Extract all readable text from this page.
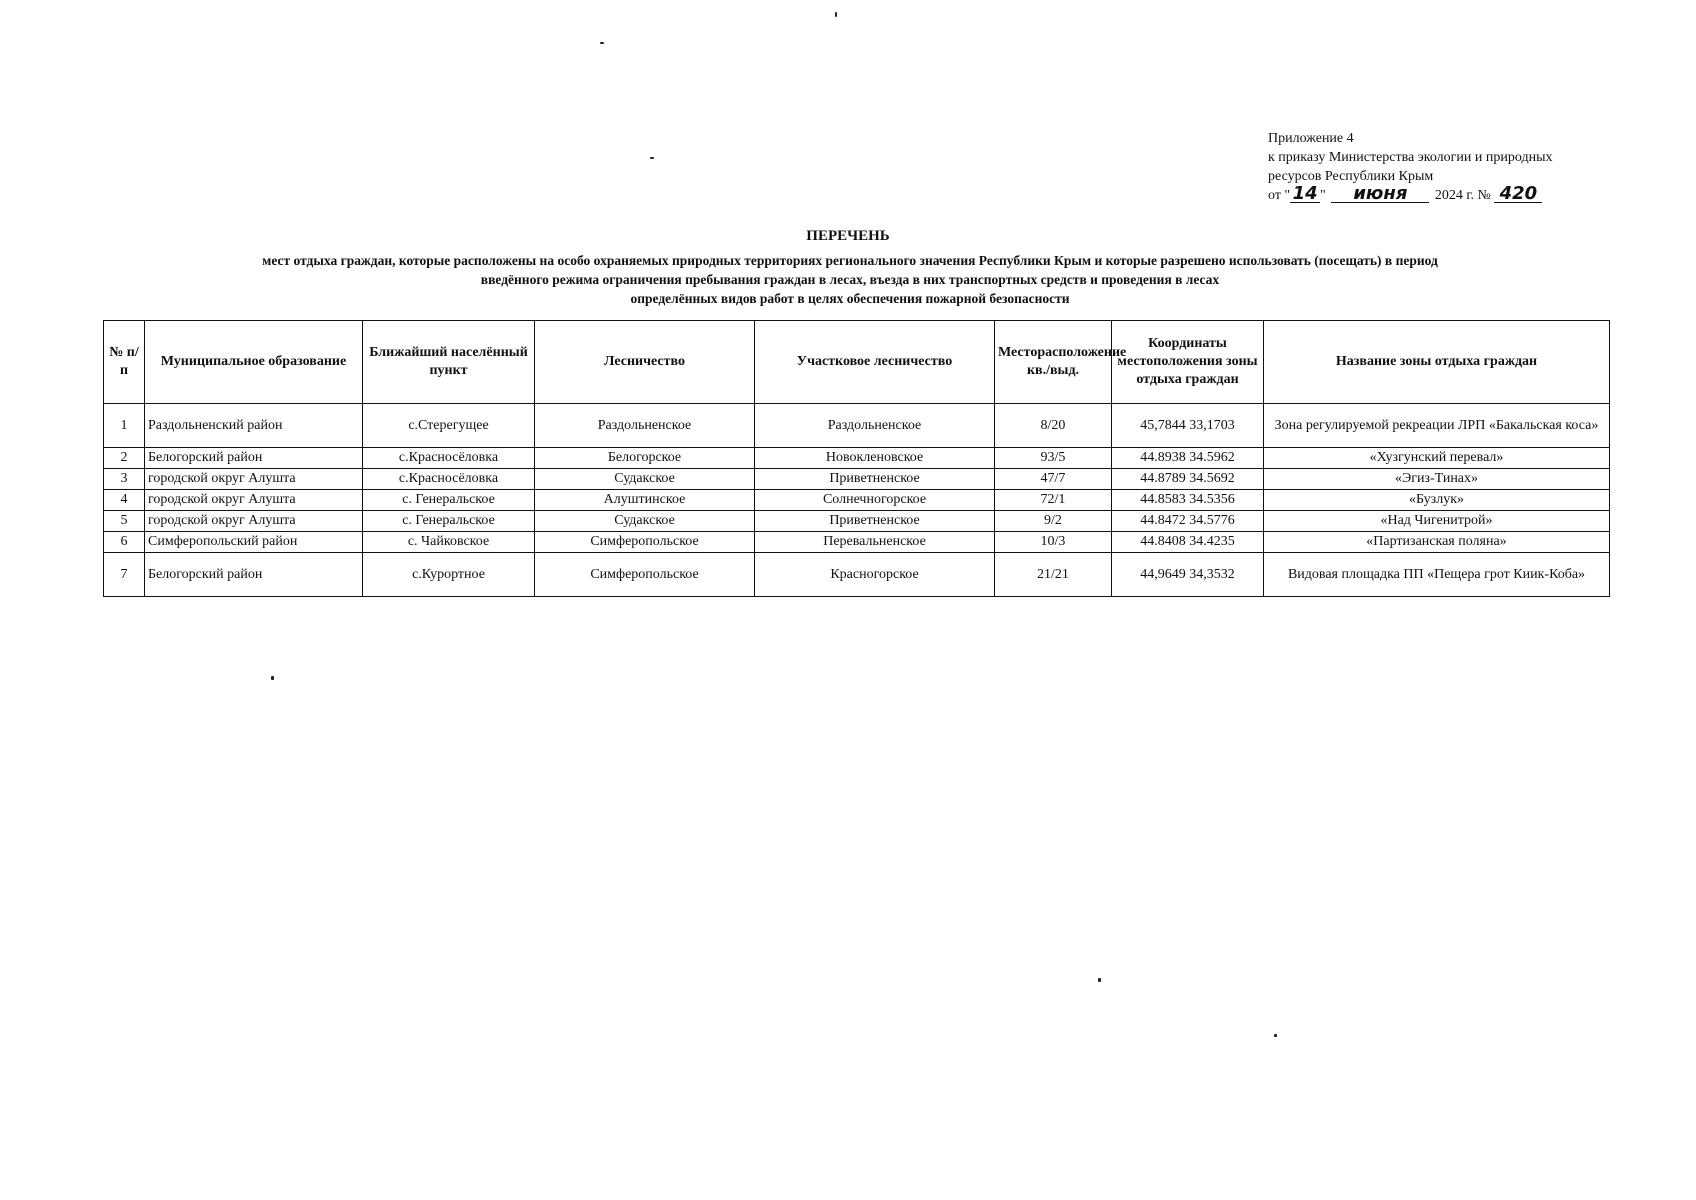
Приложение 4
к приказу Министерства экологии и природных
ресурсов Республики Крым
от " 14 " июня 2024 г. № 420
ПЕРЕЧЕНЬ
мест отдыха граждан, которые расположены на особо охраняемых природных территориях регионального значения Республики Крым и которые разрешено использовать (посещать) в период
введённого режима ограничения пребывания граждан в лесах, въезда в них транспортных средств и проведения в лесах
определённых видов работ в целях обеспечения пожарной безопасности
№ п/п	Муниципальное образование	Ближайший населённый пункт	Лесничество	Участковое лесничество	Месторасположение кв./выд.	Координаты местоположения зоны отдыха граждан	Название зоны отдыха граждан
1	Раздольненский район	с.Стерегущее	Раздольненское	Раздольненское	8/20	45,7844 33,1703	Зона регулируемой рекреации ЛРП «Бакальская коса»
2	Белогорский район	с.Красносёловка	Белогорское	Новокленовское	93/5	44.8938 34.5962	«Хузгунский перевал»
3	городской округ Алушта	с.Красносёловка	Судакское	Приветненское	47/7	44.8789 34.5692	«Эгиз-Тинах»
4	городской округ Алушта	с. Генеральское	Алуштинское	Солнечногорское	72/1	44.8583 34.5356	«Бузлук»
5	городской округ Алушта	с. Генеральское	Судакское	Приветненское	9/2	44.8472 34.5776	«Над Чигенитрой»
6	Симферопольский район	с. Чайковское	Симферопольское	Перевальненское	10/3	44.8408 34.4235	«Партизанская поляна»
7	Белогорский район	с.Курортное	Симферопольское	Красногорское	21/21	44,9649 34,3532	Видовая площадка ПП «Пещера грот Киик-Коба»
